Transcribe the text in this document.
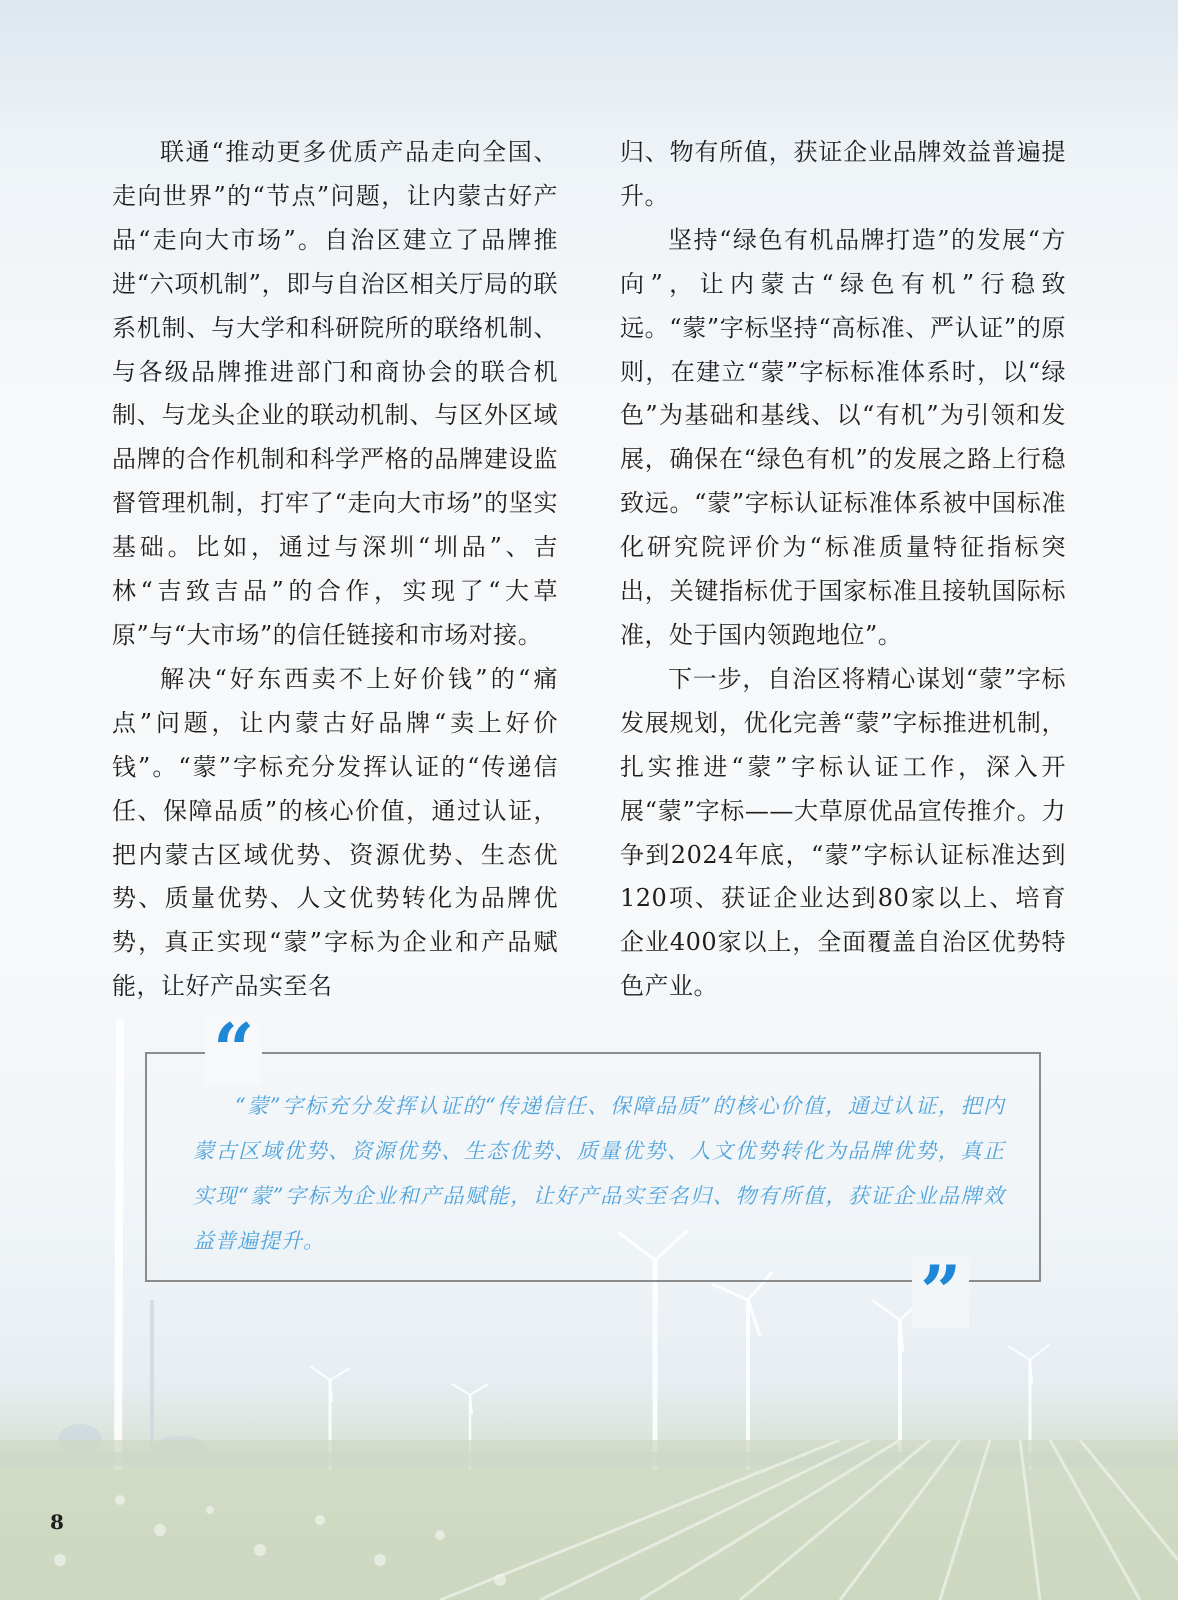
联通“推动更多优质产品走向全国、走向世界”的“节点”问题，让内蒙古好产品“走向大市场”。自治区建立了品牌推进“六项机制”，即与自治区相关厅局的联系机制、与大学和科研院所的联络机制、与各级品牌推进部门和商协会的联合机制、与龙头企业的联动机制、与区外区域品牌的合作机制和科学严格的品牌建设监督管理机制，打牢了“走向大市场”的坚实基础。比如，通过与深圳“圳品”、吉林“吉致吉品”的合作，实现了“大草原”与“大市场”的信任链接和市场对接。

解决“好东西卖不上好价钱”的“痛点”问题，让内蒙古好品牌“卖上好价钱”。“蒙”字标充分发挥认证的“传递信任、保障品质”的核心价值，通过认证，把内蒙古区域优势、资源优势、生态优势、质量优势、人文优势转化为品牌优势，真正实现“蒙”字标为企业和产品赋能，让好产品实至名

归、物有所值，获证企业品牌效益普遍提升。

坚持“绿色有机品牌打造”的发展“方向”，让内蒙古“绿色有机”行稳致远。“蒙”字标坚持“高标准、严认证”的原则，在建立“蒙”字标标准体系时，以“绿色”为基础和基线、以“有机”为引领和发展，确保在“绿色有机”的发展之路上行稳致远。“蒙”字标认证标准体系被中国标准化研究院评价为“标准质量特征指标突出，关键指标优于国家标准且接轨国际标准，处于国内领跑地位”。

下一步，自治区将精心谋划“蒙”字标发展规划，优化完善“蒙”字标推进机制，扎实推进“蒙”字标认证工作，深入开展“蒙”字标——大草原优品宣传推介。力争到2024年底，“蒙”字标认证标准达到120项、获证企业达到80家以上、培育企业400家以上，全面覆盖自治区优势特色产业。

“
”
“蒙”字标充分发挥认证的“传递信任、保障品质”的核心价值，通过认证，把内蒙古区域优势、资源优势、生态优势、质量优势、人文优势转化为品牌优势，真正实现“蒙”字标为企业和产品赋能，让好产品实至名归、物有所值，获证企业品牌效益普遍提升。
8
